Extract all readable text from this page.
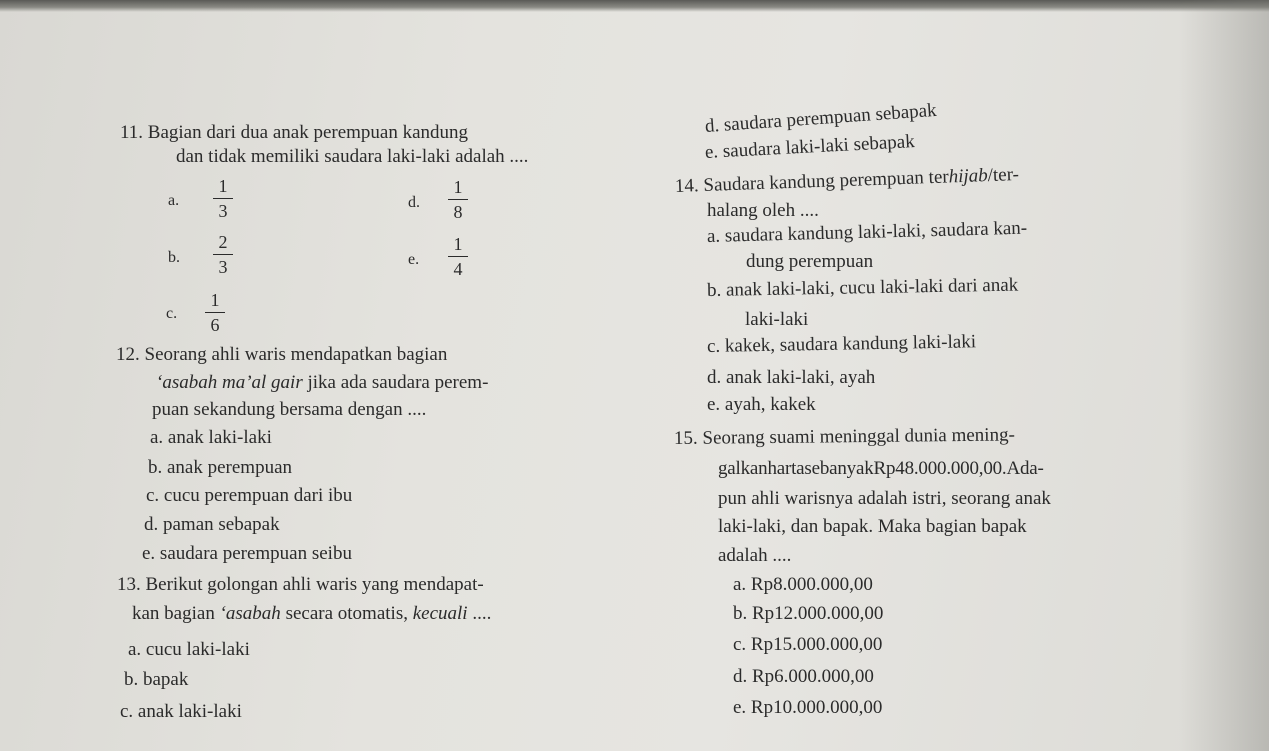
11. Bagian dari dua anak perempuan kandung
dan tidak memiliki saudara laki-laki adalah ....
a.
1
3
b.
2
3
c.
1
6
d.
1
8
e.
1
4
12. Seorang ahli waris mendapatkan bagian
‘asabah ma’al gair jika ada saudara perem-
puan sekandung bersama dengan ....
a. anak laki-laki
b. anak perempuan
c. cucu perempuan dari ibu
d. paman sebapak
e. saudara perempuan seibu
13. Berikut golongan ahli waris yang mendapat-
kan bagian ‘asabah secara otomatis, kecuali ....
a. cucu laki-laki
b. bapak
c. anak laki-laki
d. saudara perempuan sebapak
e. saudara laki-laki sebapak
14. Saudara kandung perempuan terhijab/ter-
halang oleh ....
a. saudara kandung laki-laki, saudara kan-
dung perempuan
b. anak laki-laki, cucu laki-laki dari anak
laki-laki
c. kakek, saudara kandung laki-laki
d. anak laki-laki, ayah
e. ayah, kakek
15. Seorang suami meninggal dunia mening-
galkanhartasebanyakRp48.000.000,00.Ada-
pun ahli warisnya adalah istri, seorang anak
laki-laki, dan bapak. Maka bagian bapak
adalah ....
a. Rp8.000.000,00
b. Rp12.000.000,00
c. Rp15.000.000,00
d. Rp6.000.000,00
e. Rp10.000.000,00
